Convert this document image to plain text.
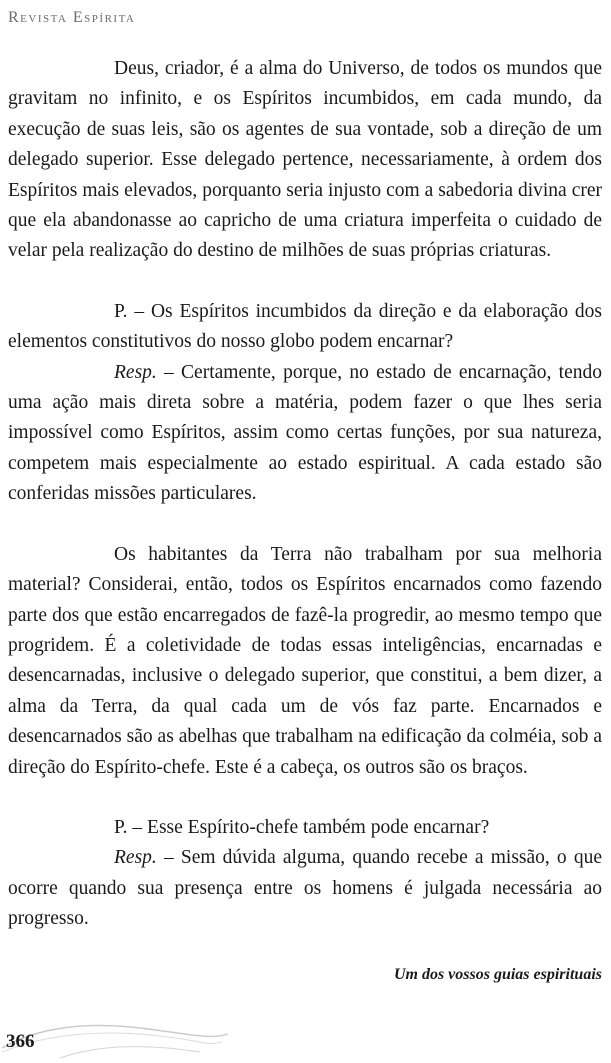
Revista Espírita

Deus, criador, é a alma do Universo, de todos os mundos que gravitam no infinito, e os Espíritos incumbidos, em cada mundo, da execução de suas leis, são os agentes de sua vontade, sob a direção de um delegado superior. Esse delegado pertence, necessariamente, à ordem dos Espíritos mais elevados, porquanto seria injusto com a sabedoria divina crer que ela abandonasse ao capricho de uma criatura imperfeita o cuidado de velar pela realização do destino de milhões de suas próprias criaturas.

P. – Os Espíritos incumbidos da direção e da elaboração dos elementos constitutivos do nosso globo podem encarnar?

Resp. – Certamente, porque, no estado de encarnação, tendo uma ação mais direta sobre a matéria, podem fazer o que lhes seria impossível como Espíritos, assim como certas funções, por sua natureza, competem mais especialmente ao estado espiritual. A cada estado são conferidas missões particulares.

Os habitantes da Terra não trabalham por sua melhoria material? Considerai, então, todos os Espíritos encarnados como fazendo parte dos que estão encarregados de fazê-la progredir, ao mesmo tempo que progridem. É a coletividade de todas essas inteligências, encarnadas e desencarnadas, inclusive o delegado superior, que constitui, a bem dizer, a alma da Terra, da qual cada um de vós faz parte. Encarnados e desencarnados são as abelhas que trabalham na edificação da colméia, sob a direção do Espírito-chefe. Este é a cabeça, os outros são os braços.

P. – Esse Espírito-chefe também pode encarnar?

Resp. – Sem dúvida alguma, quando recebe a missão, o que ocorre quando sua presença entre os homens é julgada necessária ao progresso.

Um dos vossos guias espirituais
366
